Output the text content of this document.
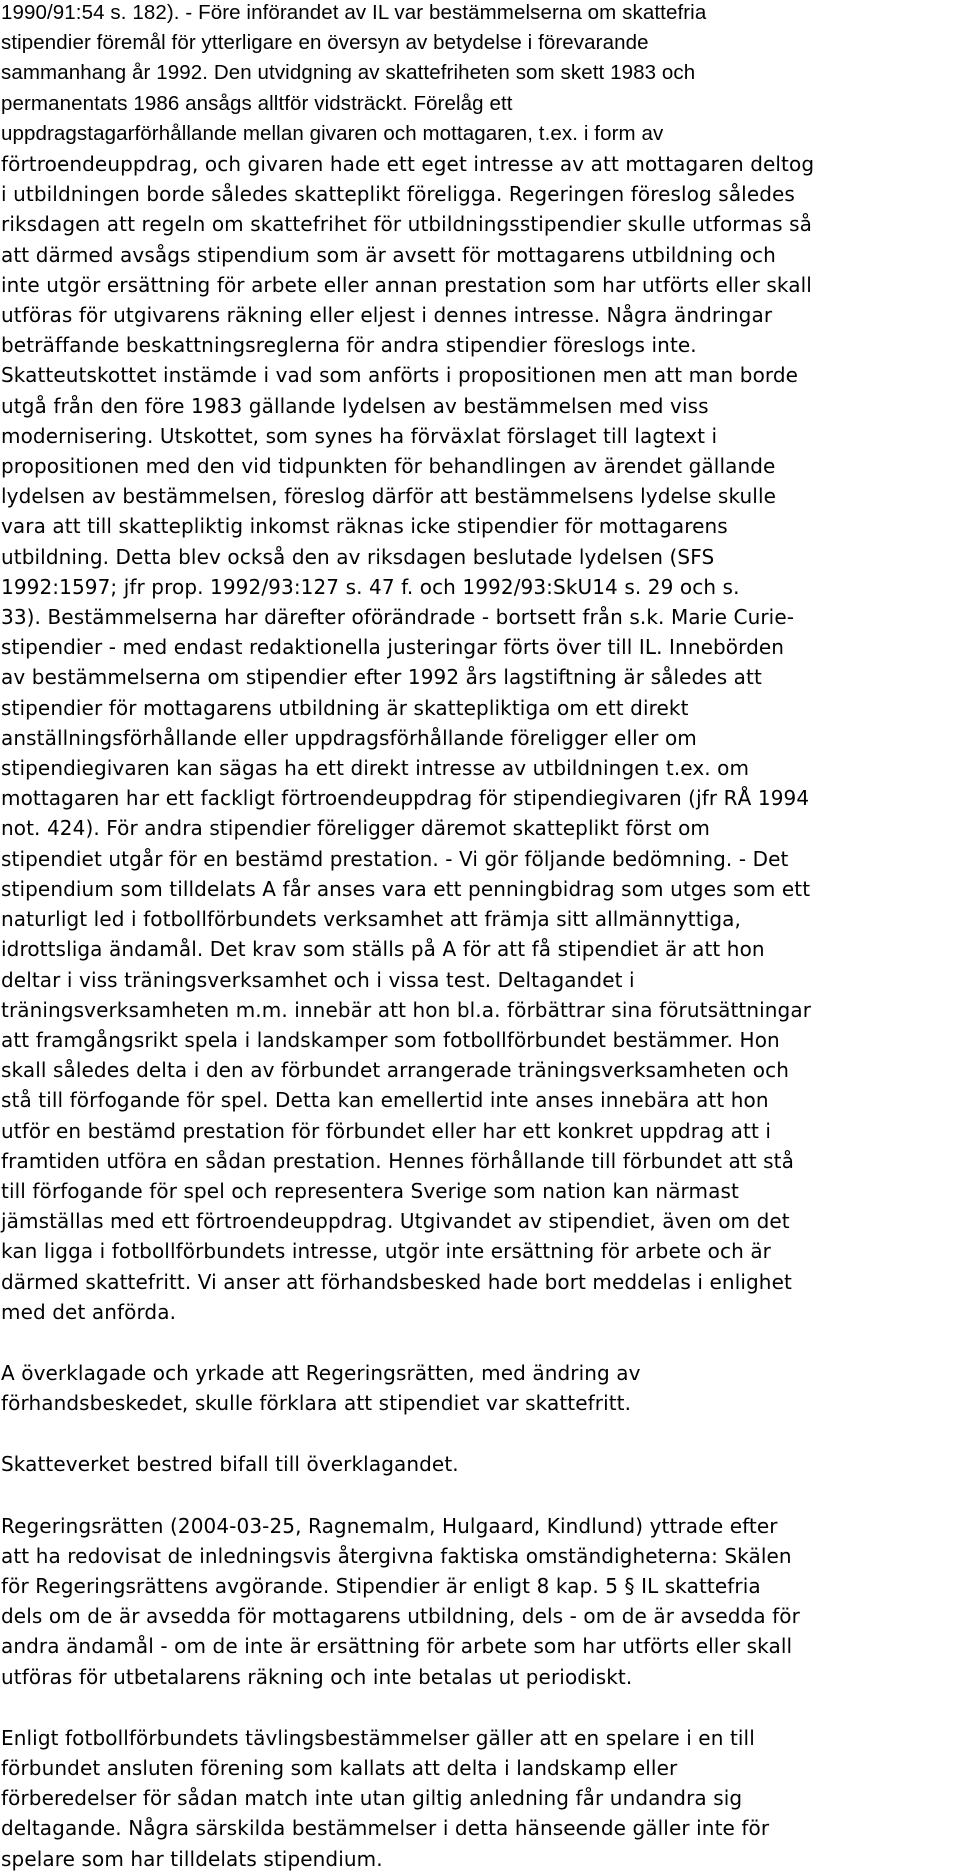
1990/91:54 s. 182). - Före införandet av IL var bestämmelserna om skattefria
stipendier föremål för ytterligare en översyn av betydelse i förevarande
sammanhang år 1992. Den utvidgning av skattefriheten som skett 1983 och
permanentats 1986 ansågs alltför vidsträckt. Förelåg ett
uppdragstagarförhållande mellan givaren och mottagaren, t.ex. i form av
förtroendeuppdrag, och givaren hade ett eget intresse av att mottagaren deltog
i utbildningen borde således skatteplikt föreligga. Regeringen föreslog således
riksdagen att regeln om skattefrihet för utbildningsstipendier skulle utformas så
att därmed avsågs stipendium som är avsett för mottagarens utbildning och
inte utgör ersättning för arbete eller annan prestation som har utförts eller skall
utföras för utgivarens räkning eller eljest i dennes intresse. Några ändringar
beträffande beskattningsreglerna för andra stipendier föreslogs inte.
Skatteutskottet instämde i vad som anförts i propositionen men att man borde
utgå från den före 1983 gällande lydelsen av bestämmelsen med viss
modernisering. Utskottet, som synes ha förväxlat förslaget till lagtext i
propositionen med den vid tidpunkten för behandlingen av ärendet gällande
lydelsen av bestämmelsen, föreslog därför att bestämmelsens lydelse skulle
vara att till skattepliktig inkomst räknas icke stipendier för mottagarens
utbildning. Detta blev också den av riksdagen beslutade lydelsen (SFS
1992:1597; jfr prop. 1992/93:127 s. 47 f. och 1992/93:SkU14 s. 29 och s.
33). Bestämmelserna har därefter oförändrade - bortsett från s.k. Marie Curie-
stipendier - med endast redaktionella justeringar förts över till IL. Innebörden
av bestämmelserna om stipendier efter 1992 års lagstiftning är således att
stipendier för mottagarens utbildning är skattepliktiga om ett direkt
anställningsförhållande eller uppdragsförhållande föreligger eller om
stipendiegivaren kan sägas ha ett direkt intresse av utbildningen t.ex. om
mottagaren har ett fackligt förtroendeuppdrag för stipendiegivaren (jfr RÅ 1994
not. 424). För andra stipendier föreligger däremot skatteplikt först om
stipendiet utgår för en bestämd prestation. - Vi gör följande bedömning. - Det
stipendium som tilldelats A får anses vara ett penningbidrag som utges som ett
naturligt led i fotbollförbundets verksamhet att främja sitt allmännyttiga,
idrottsliga ändamål. Det krav som ställs på A för att få stipendiet är att hon
deltar i viss träningsverksamhet och i vissa test. Deltagandet i
träningsverksamheten m.m. innebär att hon bl.a. förbättrar sina förutsättningar
att framgångsrikt spela i landskamper som fotbollförbundet bestämmer. Hon
skall således delta i den av förbundet arrangerade träningsverksamheten och
stå till förfogande för spel. Detta kan emellertid inte anses innebära att hon
utför en bestämd prestation för förbundet eller har ett konkret uppdrag att i
framtiden utföra en sådan prestation. Hennes förhållande till förbundet att stå
till förfogande för spel och representera Sverige som nation kan närmast
jämställas med ett förtroendeuppdrag. Utgivandet av stipendiet, även om det
kan ligga i fotbollförbundets intresse, utgör inte ersättning för arbete och är
därmed skattefritt. Vi anser att förhandsbesked hade bort meddelas i enlighet
med det anförda.
A överklagade och yrkade att Regeringsrätten, med ändring av
förhandsbeskedet, skulle förklara att stipendiet var skattefritt.
Skatteverket bestred bifall till överklagandet.
Regeringsrätten (2004-03-25, Ragnemalm, Hulgaard, Kindlund) yttrade efter
att ha redovisat de inledningsvis återgivna faktiska omständigheterna: Skälen
för Regeringsrättens avgörande. Stipendier är enligt 8 kap. 5 § IL skattefria
dels om de är avsedda för mottagarens utbildning, dels - om de är avsedda för
andra ändamål - om de inte är ersättning för arbete som har utförts eller skall
utföras för utbetalarens räkning och inte betalas ut periodiskt.
Enligt fotbollförbundets tävlingsbestämmelser gäller att en spelare i en till
förbundet ansluten förening som kallats att delta i landskamp eller
förberedelser för sådan match inte utan giltig anledning får undandra sig
deltagande. Några särskilda bestämmelser i detta hänseende gäller inte för
spelare som har tilldelats stipendium.
